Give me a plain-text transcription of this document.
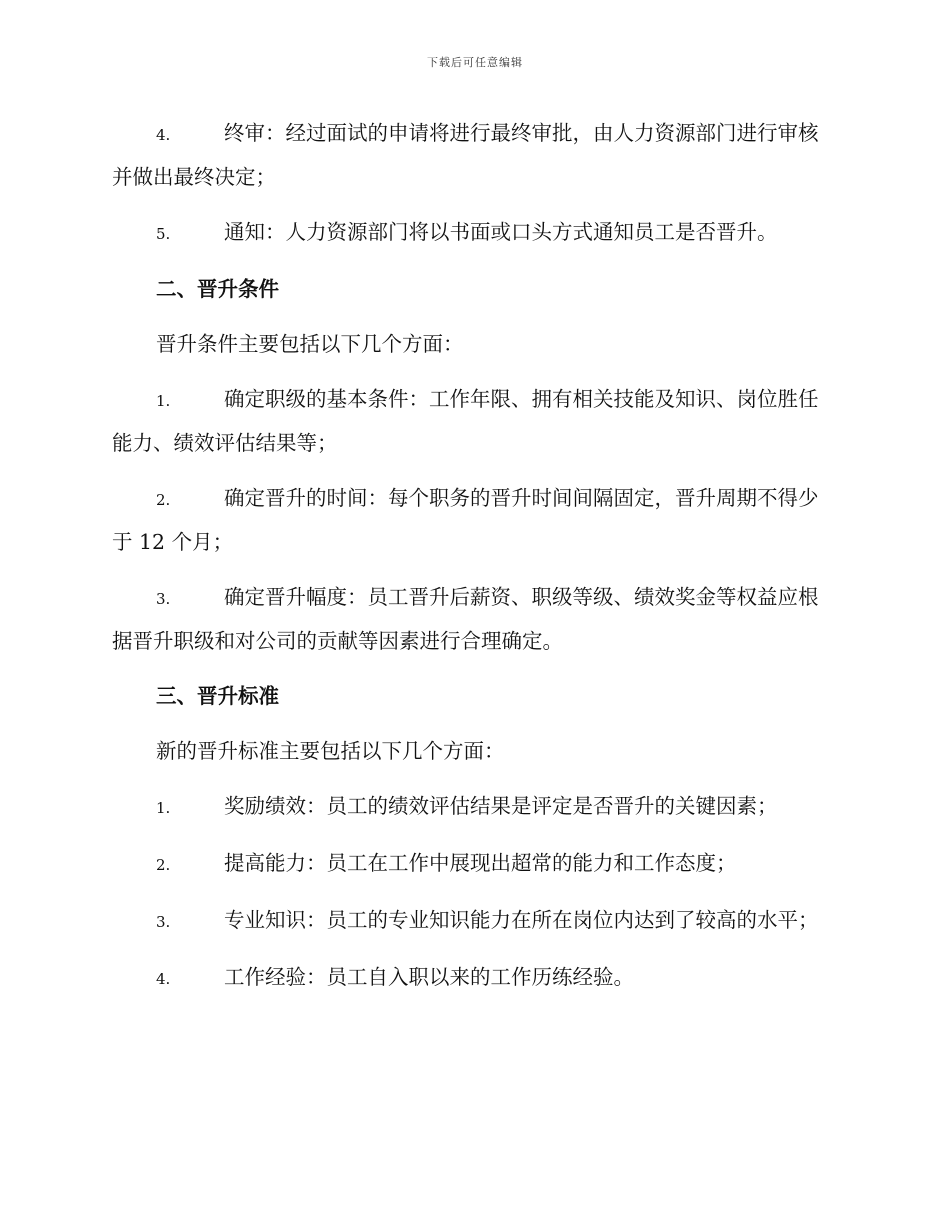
下载后可任意编辑

4.	终审：经过面试的申请将进行最终审批，由人力资源部门进行审核并做出最终决定；

5.	通知：人力资源部门将以书面或口头方式通知员工是否晋升。

二、晋升条件

晋升条件主要包括以下几个方面：

1.	确定职级的基本条件：工作年限、拥有相关技能及知识、岗位胜任能力、绩效评估结果等；

2.	确定晋升的时间：每个职务的晋升时间间隔固定，晋升周期不得少于 12 个月；

3.	确定晋升幅度：员工晋升后薪资、职级等级、绩效奖金等权益应根据晋升职级和对公司的贡献等因素进行合理确定。

三、晋升标准

新的晋升标准主要包括以下几个方面：

1.	奖励绩效：员工的绩效评估结果是评定是否晋升的关键因素；

2.	提高能力：员工在工作中展现出超常的能力和工作态度；

3.	专业知识：员工的专业知识能力在所在岗位内达到了较高的水平；

4.	工作经验：员工自入职以来的工作历练经验。
